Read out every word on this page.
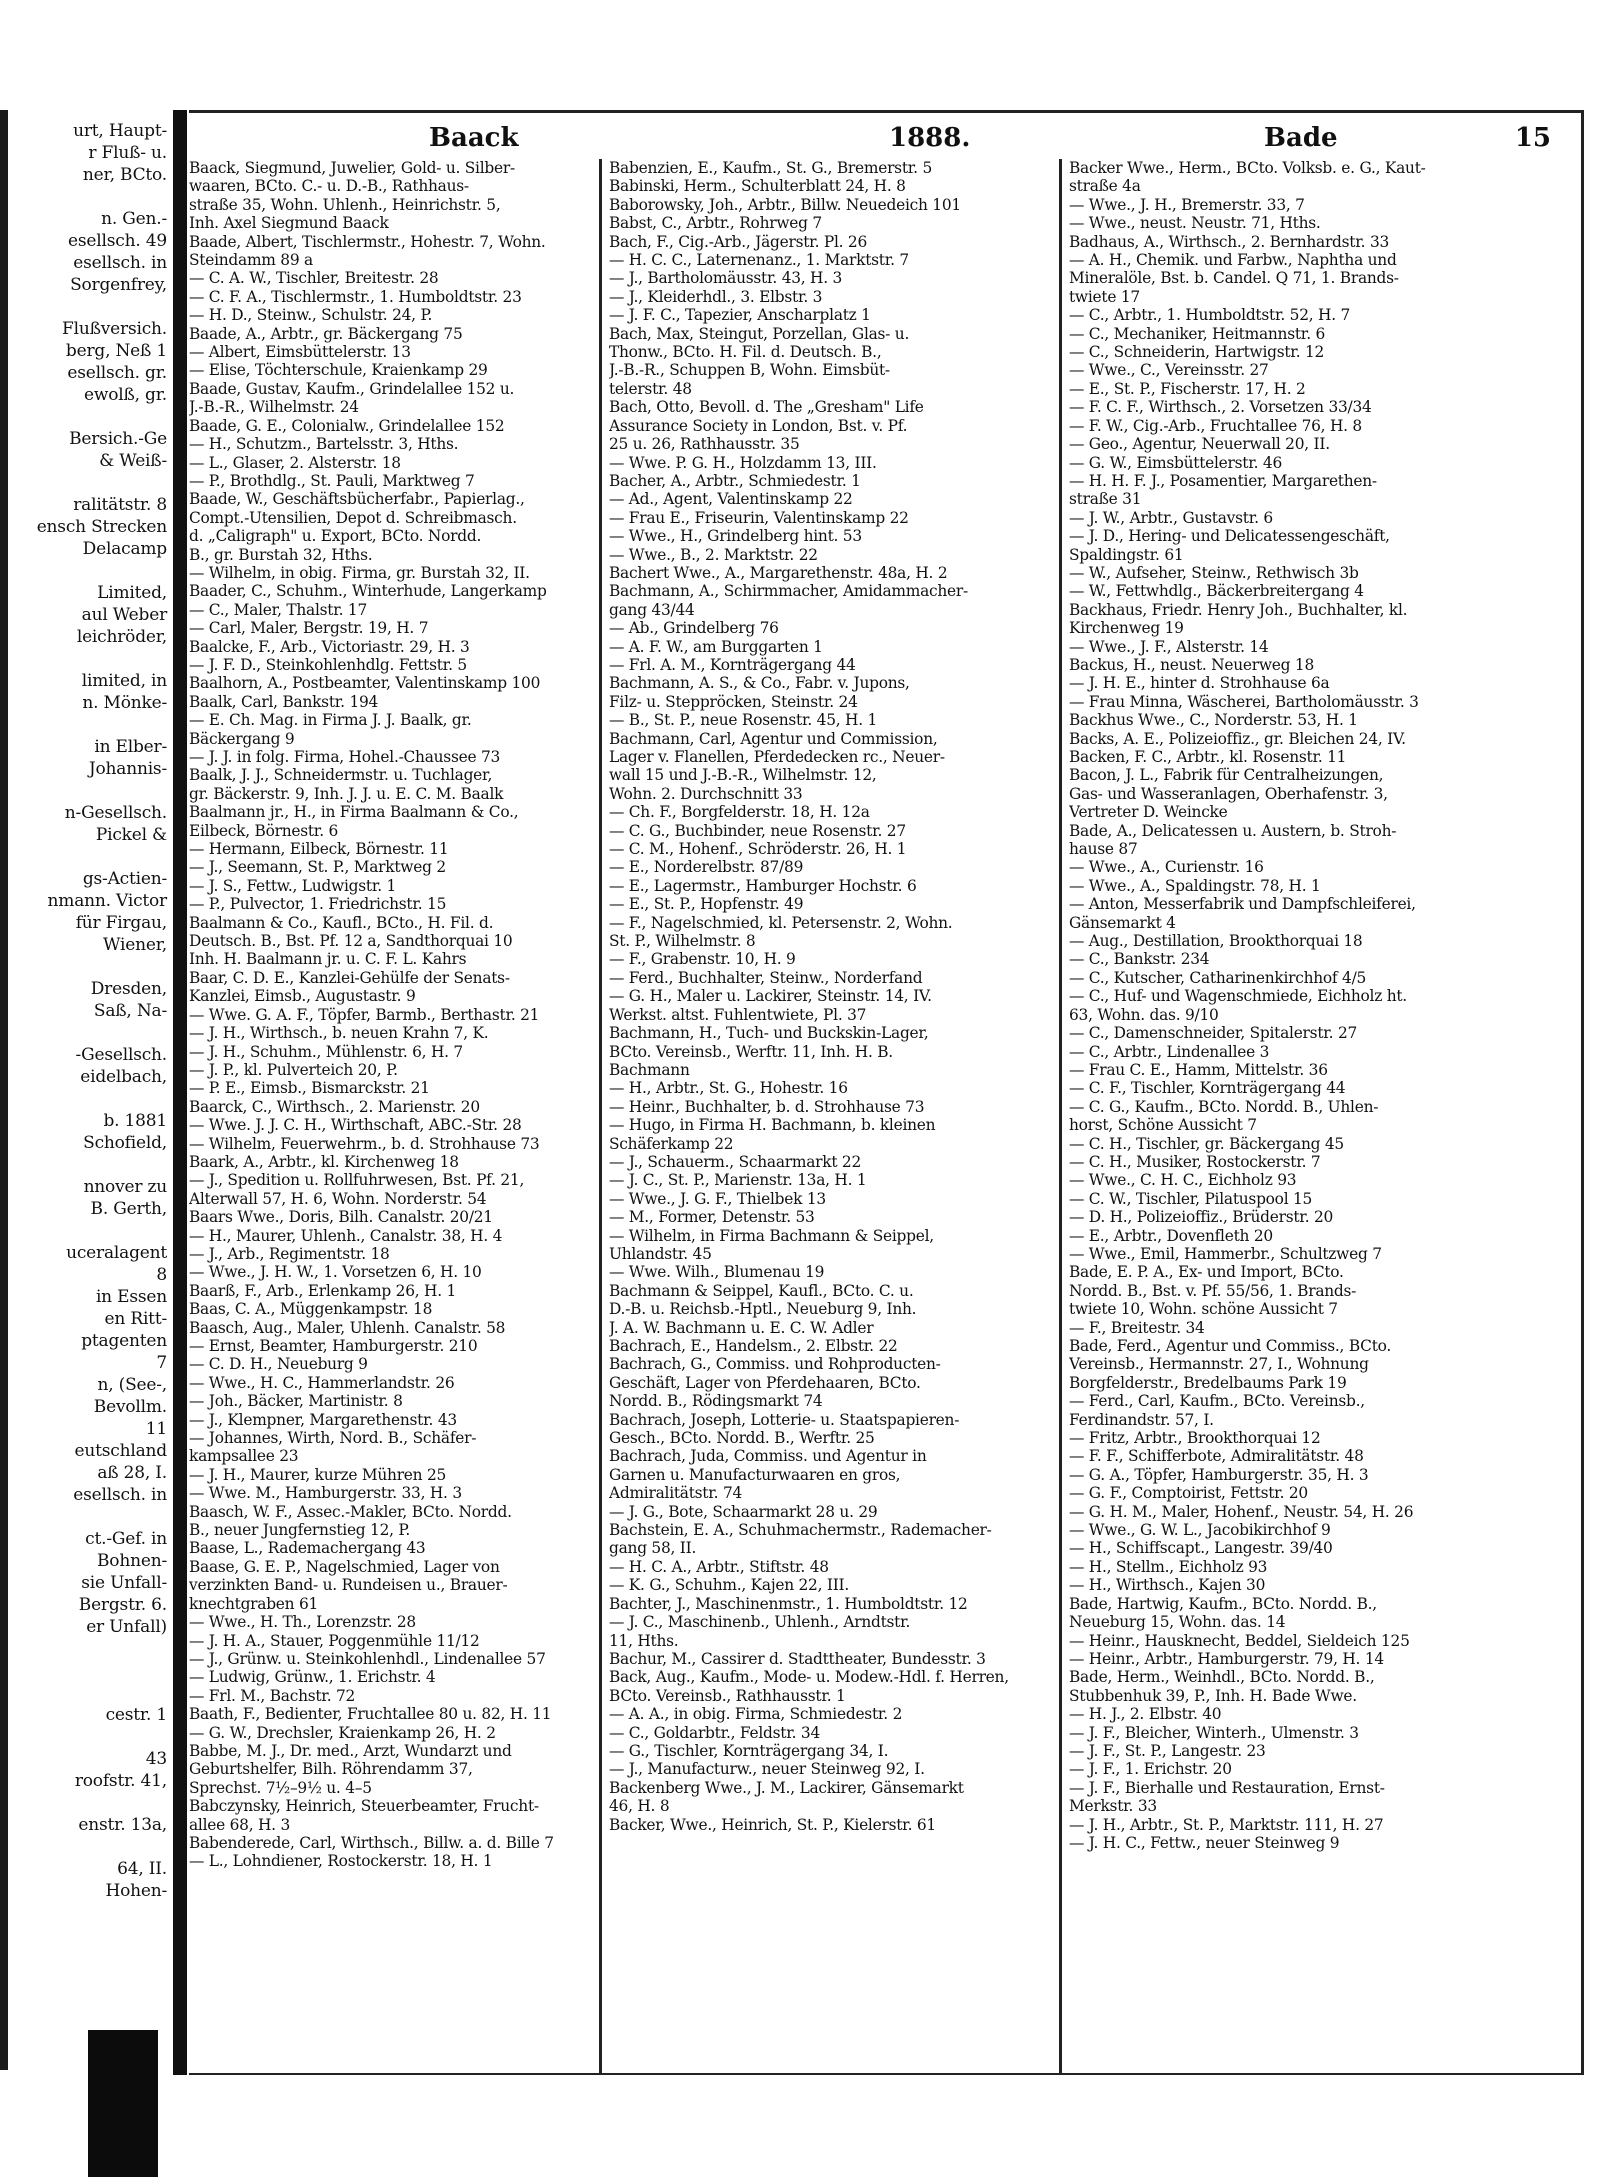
urt, Haupt-
r Fluß- u.
ner, BCto.

n. Gen.-
esellsch. 49
esellsch. in
Sorgenfrey,

Flußversich.
berg, Neß 1
esellsch. gr.
ewolß, gr.

Bersich.-Ge
& Weiß-

ralitätstr. 8
ensch Strecken
Delacamp

Limited,
aul Weber
leichröder,

limited, in
n. Mönke-

in Elber-
Johannis-

n-Gesellsch.
Pickel &

gs-Actien-
nmann. Victor
für Firgau,
Wiener,

Dresden,
Saß, Na-

-Gesellsch.
eidelbach,

b. 1881
Schofield,

nnover zu
B. Gerth,

uceralagent
8
in Essen
en Ritt-
ptagenten
7
n, (See-,
Bevollm.
11
eutschland
aß 28, I.
esellsch. in

ct.-Gef. in
Bohnen-
sie Unfall-
Bergstr. 6.
er Unfall)

cestr. 1

43
roofstr. 41,

enstr. 13a,

64, II.
Hohen-
Baack	1888.	Bade	15
Baack, Siegmund, Juwelier, Gold- u. Silber-
waaren, BCto. C.- u. D.-B., Rathhaus-
straße 35, Wohn. Uhlenh., Heinrichstr. 5,
Inh. Axel Siegmund Baack
Baade, Albert, Tischlermstr., Hohestr. 7, Wohn.
Steindamm 89 a
— C. A. W., Tischler, Breitestr. 28
— C. F. A., Tischlermstr., 1. Humboldtstr. 23
— H. D., Steinw., Schulstr. 24, P.
Baade, A., Arbtr., gr. Bäckergang 75
— Albert, Eimsbüttelerstr. 13
— Elise, Töchterschule, Kraienkamp 29
Baade, Gustav, Kaufm., Grindelallee 152 u.
J.-B.-R., Wilhelmstr. 24
Baade, G. E., Colonialw., Grindelallee 152
— H., Schutzm., Bartelsstr. 3, Hths.
— L., Glaser, 2. Alsterstr. 18
— P., Brothdlg., St. Pauli, Marktweg 7
Baade, W., Geschäftsbücherfabr., Papierlag.,
Compt.-Utensilien, Depot d. Schreibmasch.
d. „Caligraph" u. Export, BCto. Nordd.
B., gr. Burstah 32, Hths.
— Wilhelm, in obig. Firma, gr. Burstah 32, II.
Baader, C., Schuhm., Winterhude, Langerkamp
— C., Maler, Thalstr. 17
— Carl, Maler, Bergstr. 19, H. 7
Baalcke, F., Arb., Victoriastr. 29, H. 3
— J. F. D., Steinkohlenhdlg. Fettstr. 5
Baalhorn, A., Postbeamter, Valentinskamp 100
Baalk, Carl, Bankstr. 194
— E. Ch. Mag. in Firma J. J. Baalk, gr.
Bäckergang 9
— J. J. in folg. Firma, Hohel.-Chaussee 73
Baalk, J. J., Schneidermstr. u. Tuchlager,
gr. Bäckerstr. 9, Inh. J. J. u. E. C. M. Baalk
Baalmann jr., H., in Firma Baalmann & Co.,
Eilbeck, Börnestr. 6
— Hermann, Eilbeck, Börnestr. 11
— J., Seemann, St. P., Marktweg 2
— J. S., Fettw., Ludwigstr. 1
— P., Pulvector, 1. Friedrichstr. 15
Baalmann & Co., Kaufl., BCto., H. Fil. d.
Deutsch. B., Bst. Pf. 12 a, Sandthorquai 10
Inh. H. Baalmann jr. u. C. F. L. Kahrs
Baar, C. D. E., Kanzlei-Gehülfe der Senats-
Kanzlei, Eimsb., Augustastr. 9
— Wwe. G. A. F., Töpfer, Barmb., Berthastr. 21
— J. H., Wirthsch., b. neuen Krahn 7, K.
— J. H., Schuhm., Mühlenstr. 6, H. 7
— J. P., kl. Pulverteich 20, P.
— P. E., Eimsb., Bismarckstr. 21
Baarck, C., Wirthsch., 2. Marienstr. 20
— Wwe. J. J. C. H., Wirthschaft, ABC.-Str. 28
— Wilhelm, Feuerwehrm., b. d. Strohhause 73
Baark, A., Arbtr., kl. Kirchenweg 18
— J., Spedition u. Rollfuhrwesen, Bst. Pf. 21,
Alterwall 57, H. 6, Wohn. Norderstr. 54
Baars Wwe., Doris, Bilh. Canalstr. 20/21
— H., Maurer, Uhlenh., Canalstr. 38, H. 4
— J., Arb., Regimentstr. 18
— Wwe., J. H. W., 1. Vorsetzen 6, H. 10
Baarß, F., Arb., Erlenkamp 26, H. 1
Baas, C. A., Müggenkampstr. 18
Baasch, Aug., Maler, Uhlenh. Canalstr. 58
— Ernst, Beamter, Hamburgerstr. 210
— C. D. H., Neueburg 9
— Wwe., H. C., Hammerlandstr. 26
— Joh., Bäcker, Martinistr. 8
— J., Klempner, Margarethenstr. 43
— Johannes, Wirth, Nord. B., Schäfer-
kampsallee 23
— J. H., Maurer, kurze Mühren 25
— Wwe. M., Hamburgerstr. 33, H. 3
Baasch, W. F., Assec.-Makler, BCto. Nordd.
B., neuer Jungfernstieg 12, P.
Baase, L., Rademachergang 43
Baase, G. E. P., Nagelschmied, Lager von
verzinkten Band- u. Rundeisen u., Brauer-
knechtgraben 61
— Wwe., H. Th., Lorenzstr. 28
— J. H. A., Stauer, Poggenmühle 11/12
— J., Grünw. u. Steinkohlenhdl., Lindenallee 57
— Ludwig, Grünw., 1. Erichstr. 4
— Frl. M., Bachstr. 72
Baath, F., Bedienter, Fruchtallee 80 u. 82, H. 11
— G. W., Drechsler, Kraienkamp 26, H. 2
Babbe, M. J., Dr. med., Arzt, Wundarzt und
Geburtshelfer, Bilh. Röhrendamm 37,
Sprechst. 7½–9½ u. 4–5
Babczynsky, Heinrich, Steuerbeamter, Frucht-
allee 68, H. 3
Babenderede, Carl, Wirthsch., Billw. a. d. Bille 7
— L., Lohndiener, Rostockerstr. 18, H. 1
Babenzien, E., Kaufm., St. G., Bremerstr. 5
Babinski, Herm., Schulterblatt 24, H. 8
Baborowsky, Joh., Arbtr., Billw. Neuedeich 101
Babst, C., Arbtr., Rohrweg 7
Bach, F., Cig.-Arb., Jägerstr. Pl. 26
— H. C. C., Laternenanz., 1. Marktstr. 7
— J., Bartholomäusstr. 43, H. 3
— J., Kleiderhdl., 3. Elbstr. 3
— J. F. C., Tapezier, Anscharplatz 1
Bach, Max, Steingut, Porzellan, Glas- u.
Thonw., BCto. H. Fil. d. Deutsch. B.,
J.-B.-R., Schuppen B, Wohn. Eimsbüt-
telerstr. 48
Bach, Otto, Bevoll. d. The „Gresham" Life
Assurance Society in London, Bst. v. Pf.
25 u. 26, Rathhausstr. 35
— Wwe. P. G. H., Holzdamm 13, III.
Bacher, A., Arbtr., Schmiedestr. 1
— Ad., Agent, Valentinskamp 22
— Frau E., Friseurin, Valentinskamp 22
— Wwe., H., Grindelberg hint. 53
— Wwe., B., 2. Marktstr. 22
Bachert Wwe., A., Margarethenstr. 48a, H. 2
Bachmann, A., Schirmmacher, Amidammacher-
gang 43/44
— Ab., Grindelberg 76
— A. F. W., am Burggarten 1
— Frl. A. M., Kornträgergang 44
Bachmann, A. S., & Co., Fabr. v. Jupons,
Filz- u. Steppröcken, Steinstr. 24
— B., St. P., neue Rosenstr. 45, H. 1
Bachmann, Carl, Agentur und Commission,
Lager v. Flanellen, Pferdedecken rc., Neuer-
wall 15 und J.-B.-R., Wilhelmstr. 12,
Wohn. 2. Durchschnitt 33
— Ch. F., Borgfelderstr. 18, H. 12a
— C. G., Buchbinder, neue Rosenstr. 27
— C. M., Hohenf., Schröderstr. 26, H. 1
— E., Norderelbstr. 87/89
— E., Lagermstr., Hamburger Hochstr. 6
— E., St. P., Hopfenstr. 49
— F., Nagelschmied, kl. Petersenstr. 2, Wohn.
St. P., Wilhelmstr. 8
— F., Grabenstr. 10, H. 9
— Ferd., Buchhalter, Steinw., Norderfand
— G. H., Maler u. Lackirer, Steinstr. 14, IV.
Werkst. altst. Fuhlentwiete, Pl. 37
Bachmann, H., Tuch- und Buckskin-Lager,
BCto. Vereinsb., Werftr. 11, Inh. H. B.
Bachmann
— H., Arbtr., St. G., Hohestr. 16
— Heinr., Buchhalter, b. d. Strohhause 73
— Hugo, in Firma H. Bachmann, b. kleinen
Schäferkamp 22
— J., Schauerm., Schaarmarkt 22
— J. C., St. P., Marienstr. 13a, H. 1
— Wwe., J. G. F., Thielbek 13
— M., Former, Detenstr. 53
— Wilhelm, in Firma Bachmann & Seippel,
Uhlandstr. 45
— Wwe. Wilh., Blumenau 19
Bachmann & Seippel, Kaufl., BCto. C. u.
D.-B. u. Reichsb.-Hptl., Neueburg 9, Inh.
J. A. W. Bachmann u. E. C. W. Adler
Bachrach, E., Handelsm., 2. Elbstr. 22
Bachrach, G., Commiss. und Rohproducten-
Geschäft, Lager von Pferdehaaren, BCto.
Nordd. B., Rödingsmarkt 74
Bachrach, Joseph, Lotterie- u. Staatspapieren-
Gesch., BCto. Nordd. B., Werftr. 25
Bachrach, Juda, Commiss. und Agentur in
Garnen u. Manufacturwaaren en gros,
Admiralitätstr. 74
— J. G., Bote, Schaarmarkt 28 u. 29
Bachstein, E. A., Schuhmachermstr., Rademacher-
gang 58, II.
— H. C. A., Arbtr., Stiftstr. 48
— K. G., Schuhm., Kajen 22, III.
Bachter, J., Maschinenmstr., 1. Humboldtstr. 12
— J. C., Maschinenb., Uhlenh., Arndtstr.
11, Hths.
Bachur, M., Cassirer d. Stadttheater, Bundesstr. 3
Back, Aug., Kaufm., Mode- u. Modew.-Hdl. f. Herren,
BCto. Vereinsb., Rathhausstr. 1
— A. A., in obig. Firma, Schmiedestr. 2
— C., Goldarbtr., Feldstr. 34
— G., Tischler, Kornträgergang 34, I.
— J., Manufacturw., neuer Steinweg 92, I.
Backenberg Wwe., J. M., Lackirer, Gänsemarkt
46, H. 8
Backer, Wwe., Heinrich, St. P., Kielerstr. 61
Backer Wwe., Herm., BCto. Volksb. e. G., Kaut-
straße 4a
— Wwe., J. H., Bremerstr. 33, 7
— Wwe., neust. Neustr. 71, Hths.
Badhaus, A., Wirthsch., 2. Bernhardstr. 33
— A. H., Chemik. und Farbw., Naphtha und
Mineralöle, Bst. b. Candel. Q 71, 1. Brands-
twiete 17
— C., Arbtr., 1. Humboldtstr. 52, H. 7
— C., Mechaniker, Heitmannstr. 6
— C., Schneiderin, Hartwigstr. 12
— Wwe., C., Vereinsstr. 27
— E., St. P., Fischerstr. 17, H. 2
— F. C. F., Wirthsch., 2. Vorsetzen 33/34
— F. W., Cig.-Arb., Fruchtallee 76, H. 8
— Geo., Agentur, Neuerwall 20, II.
— G. W., Eimsbüttelerstr. 46
— H. H. F. J., Posamentier, Margarethen-
straße 31
— J. W., Arbtr., Gustavstr. 6
— J. D., Hering- und Delicatessengeschäft,
Spaldingstr. 61
— W., Aufseher, Steinw., Rethwisch 3b
— W., Fettwhdlg., Bäckerbreitergang 4
Backhaus, Friedr. Henry Joh., Buchhalter, kl.
Kirchenweg 19
— Wwe., J. F., Alsterstr. 14
Backus, H., neust. Neuerweg 18
— J. H. E., hinter d. Strohhause 6a
— Frau Minna, Wäscherei, Bartholomäusstr. 3
Backhus Wwe., C., Norderstr. 53, H. 1
Backs, A. E., Polizeioffiz., gr. Bleichen 24, IV.
Backen, F. C., Arbtr., kl. Rosenstr. 11
Bacon, J. L., Fabrik für Centralheizungen,
Gas- und Wasseranlagen, Oberhafenstr. 3,
Vertreter D. Weincke
Bade, A., Delicatessen u. Austern, b. Stroh-
hause 87
— Wwe., A., Curienstr. 16
— Wwe., A., Spaldingstr. 78, H. 1
— Anton, Messerfabrik und Dampfschleiferei,
Gänsemarkt 4
— Aug., Destillation, Brookthorquai 18
— C., Bankstr. 234
— C., Kutscher, Catharinenkirchhof 4/5
— C., Huf- und Wagenschmiede, Eichholz ht.
63, Wohn. das. 9/10
— C., Damenschneider, Spitalerstr. 27
— C., Arbtr., Lindenallee 3
— Frau C. E., Hamm, Mittelstr. 36
— C. F., Tischler, Kornträgergang 44
— C. G., Kaufm., BCto. Nordd. B., Uhlen-
horst, Schöne Aussicht 7
— C. H., Tischler, gr. Bäckergang 45
— C. H., Musiker, Rostockerstr. 7
— Wwe., C. H. C., Eichholz 93
— C. W., Tischler, Pilatuspool 15
— D. H., Polizeioffiz., Brüderstr. 20
— E., Arbtr., Dovenfleth 20
— Wwe., Emil, Hammerbr., Schultzweg 7
Bade, E. P. A., Ex- und Import, BCto.
Nordd. B., Bst. v. Pf. 55/56, 1. Brands-
twiete 10, Wohn. schöne Aussicht 7
— F., Breitestr. 34
Bade, Ferd., Agentur und Commiss., BCto.
Vereinsb., Hermannstr. 27, I., Wohnung
Borgfelderstr., Bredelbaums Park 19
— Ferd., Carl, Kaufm., BCto. Vereinsb.,
Ferdinandstr. 57, I.
— Fritz, Arbtr., Brookthorquai 12
— F. F., Schifferbote, Admiralitätstr. 48
— G. A., Töpfer, Hamburgerstr. 35, H. 3
— G. F., Comptoirist, Fettstr. 20
— G. H. M., Maler, Hohenf., Neustr. 54, H. 26
— Wwe., G. W. L., Jacobikirchhof 9
— H., Schiffscapt., Langestr. 39/40
— H., Stellm., Eichholz 93
— H., Wirthsch., Kajen 30
Bade, Hartwig, Kaufm., BCto. Nordd. B.,
Neueburg 15, Wohn. das. 14
— Heinr., Hausknecht, Beddel, Sieldeich 125
— Heinr., Arbtr., Hamburgerstr. 79, H. 14
Bade, Herm., Weinhdl., BCto. Nordd. B.,
Stubbenhuk 39, P., Inh. H. Bade Wwe.
— H. J., 2. Elbstr. 40
— J. F., Bleicher, Winterh., Ulmenstr. 3
— J. F., St. P., Langestr. 23
— J. F., 1. Erichstr. 20
— J. F., Bierhalle und Restauration, Ernst-
Merkstr. 33
— J. H., Arbtr., St. P., Marktstr. 111, H. 27
— J. H. C., Fettw., neuer Steinweg 9
